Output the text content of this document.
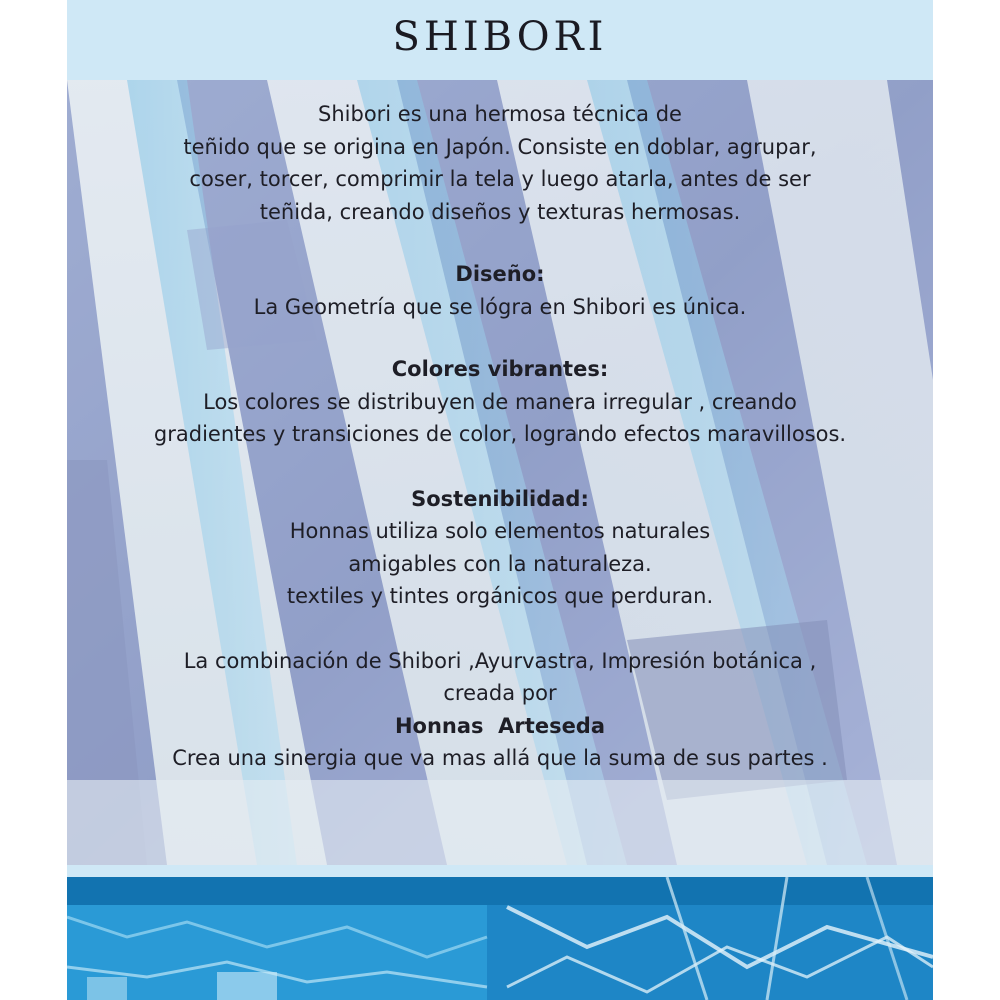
SHIBORI
Shibori es una hermosa técnica de
teñido que se origina en Japón. Consiste en doblar, agrupar,
coser, torcer, comprimir la tela y luego atarla, antes de ser
teñida, creando diseños y texturas hermosas.
Diseño:
La Geometría que se lógra en Shibori es única.
Colores vibrantes:
Los colores se distribuyen de manera irregular , creando
gradientes y transiciones de color, logrando efectos maravillosos.
Sostenibilidad:
Honnas utiliza solo elementos naturales
amigables con la naturaleza.
textiles y tintes orgánicos que perduran.
La combinación de Shibori ,Ayurvastra, Impresión botánica ,
creada por
Honnas  Arteseda
Crea una sinergia que va mas allá que la suma de sus partes .
